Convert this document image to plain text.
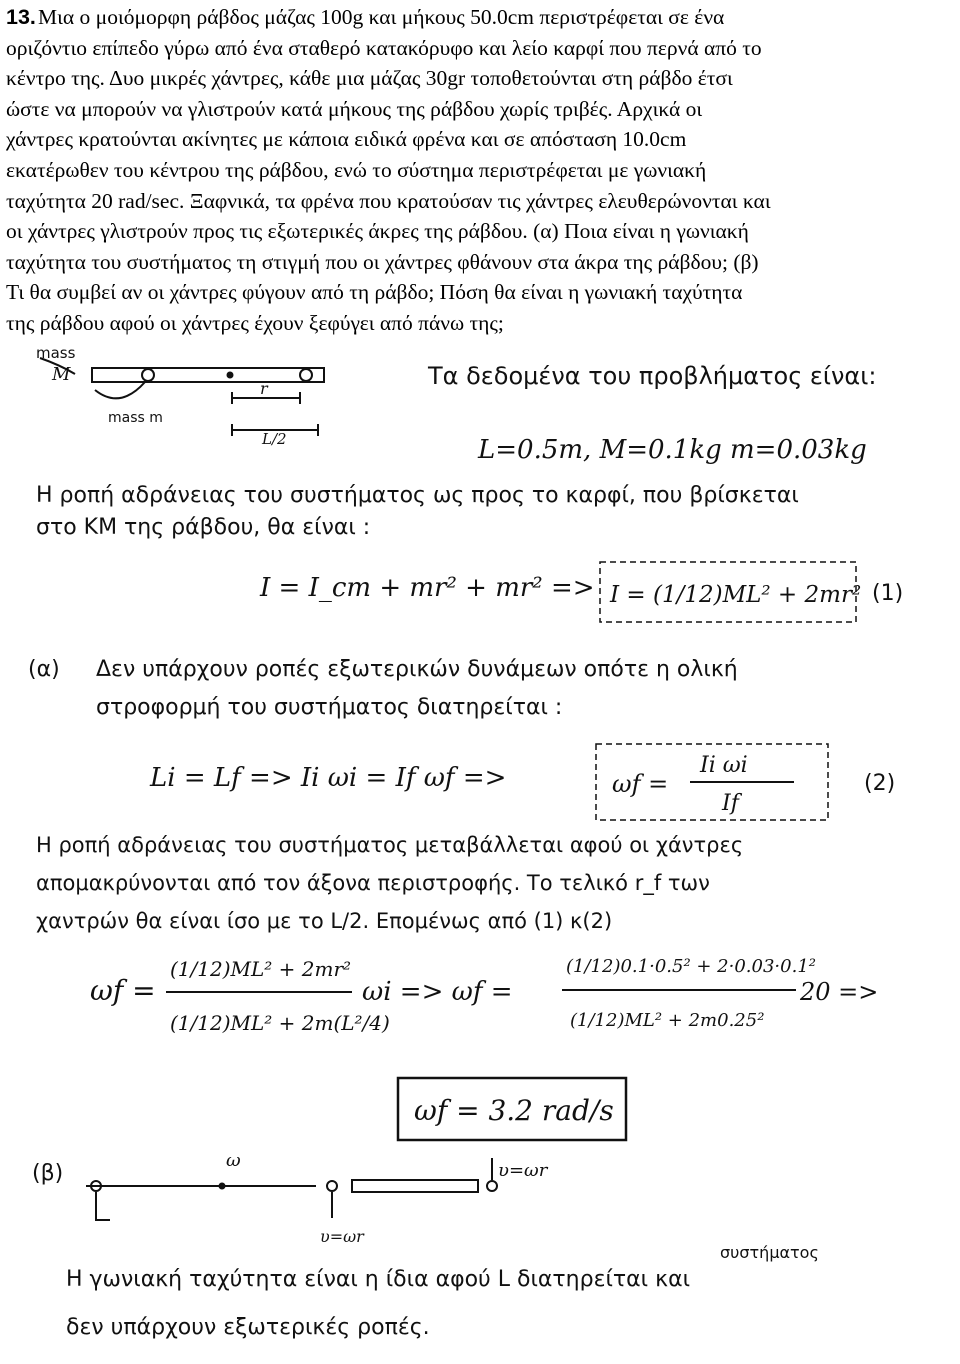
13. Μια ο μοιόμορφη ράβδος μάζας 100g και μήκους 50.0cm περιστρέφεται σε ένα
οριζόντιο επίπεδο γύρω από ένα σταθερό κατακόρυφο και λείο καρφί που περνά από το
κέντρο της. Δυο μικρές χάντρες, κάθε μια μάζας 30gr τοποθετούνται στη ράβδο έτσι
ώστε να μπορούν να γλιστρούν κατά μήκους της ράβδου χωρίς τριβές. Αρχικά οι
χάντρες κρατούνται ακίνητες με κάποια ειδικά φρένα και σε απόσταση 10.0cm
εκατέρωθεν του κέντρου της ράβδου, ενώ το σύστημα περιστρέφεται με γωνιακή
ταχύτητα 20 rad/sec. Ξαφνικά, τα φρένα που κρατούσαν τις χάντρες ελευθερώνονται και
οι χάντρες γλιστρούν προς τις εξωτερικές άκρες της ράβδου. (α) Ποια είναι η γωνιακή
ταχύτητα του συστήματος τη στιγμή που οι χάντρες φθάνουν στα άκρα της ράβδου; (β)
Τι θα συμβεί αν οι χάντρες φύγουν από τη ράβδο; Πόση θα είναι η γωνιακή ταχύτητα
της ράβδου αφού οι χάντρες έχουν ξεφύγει από πάνω της;
mass
M
mass m
r
L/2
Τα δεδομένα του προβλήματος είναι:
L=0.5m, M=0.1kg m=0.03kg
Η ροπή αδράνειας του συστήματος ως προς το καρφί, που βρίσκεται
στο ΚΜ της ράβδου, θα είναι :
I = I_cm + mr² + mr² => I = (1/12)ML² + 2mr² (1)
(α) Δεν υπάρχουν ροπές εξωτερικών δυνάμεων οπότε η ολική
στροφορμή του συστήματος διατηρείται :
Li = Lf => Ii ωi = If ωf =>	ωf =
Ii ωi
If
(2)
Η ροπή αδράνειας του συστήματος μεταβάλλεται αφού οι χάντρες
απομακρύνονται από τον άξονα περιστροφής. Το τελικό r_f των
χαντρών θα είναι ίσο με το L/2. Επομένως από (1) κ(2)
ωf =
(1/12)ML² + 2mr²
(1/12)ML² + 2m(L²/4)
ωi => ωf =
(1/12)0.1·0.5² + 2·0.03·0.1²
(1/12)ML² + 2m0.25²
20 =>
ωf = 3.2 rad/s
(β)
ω	υ=ωr
υ=ωr
συστήματος
Η γωνιακή ταχύτητα είναι η ίδια αφού L διατηρείται και
δεν υπάρχουν εξωτερικές ροπές.
